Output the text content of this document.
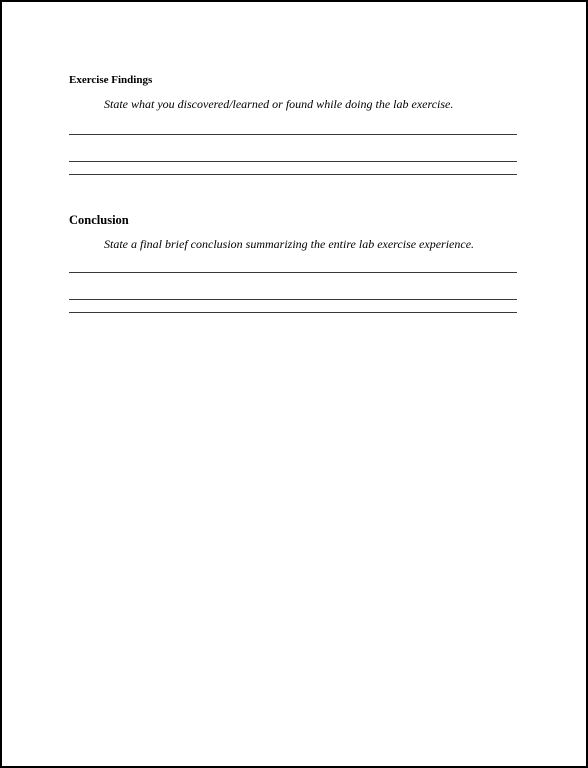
Exercise Findings
State what you discovered/learned or found while doing the lab exercise.
Conclusion
State a final brief conclusion summarizing the entire lab exercise experience.
